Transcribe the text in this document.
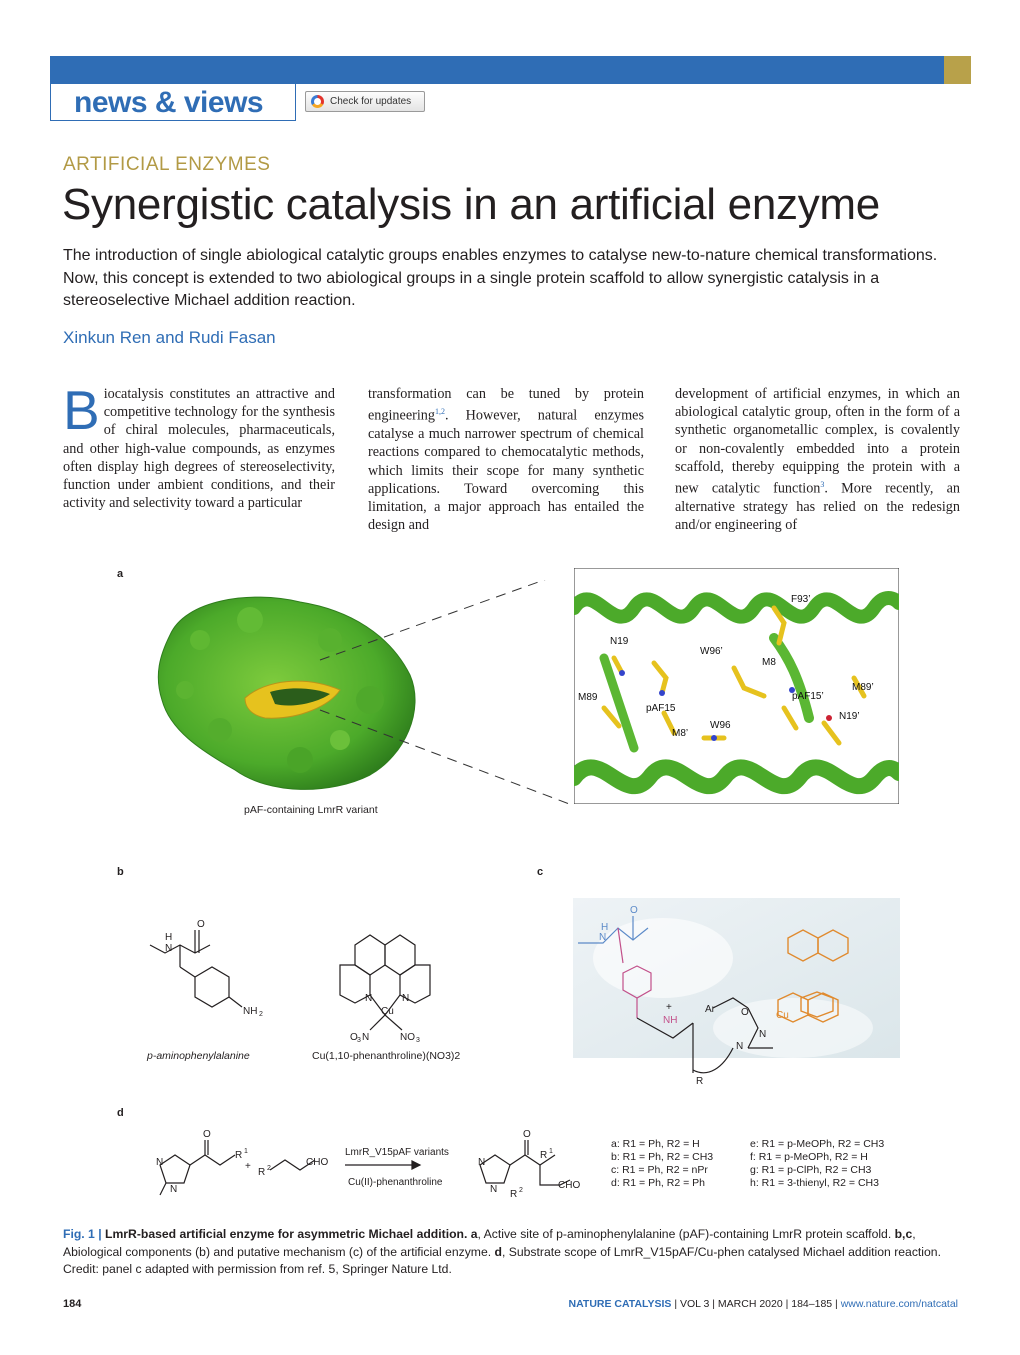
news & views	Check for updates
ARTIFICIAL ENZYMES
Synergistic catalysis in an artificial enzyme
The introduction of single abiological catalytic groups enables enzymes to catalyse new-to-nature chemical transformations. Now, this concept is extended to two abiological groups in a single protein scaffold to allow synergistic catalysis in a stereoselective Michael addition reaction.
Xinkun Ren and Rudi Fasan

Biocatalysis constitutes an attractive and competitive technology for the synthesis of chiral molecules, pharmaceuticals, and other high-value compounds, as enzymes often display high degrees of stereoselectivity, function under ambient conditions, and their activity and selectivity toward a particular

transformation can be tuned by protein engineering$^{1,2}$. However, natural enzymes catalyse a much narrower spectrum of chemical reactions compared to chemocatalytic methods, which limits their scope for many synthetic applications. Toward overcoming this limitation, a major approach has entailed the design and

development of artificial enzymes, in which an abiological catalytic group, often in the form of a synthetic organometallic complex, is covalently or non-covalently embedded into a protein scaffold, thereby equipping the protein with a new catalytic function$^3$. More recently, an alternative strategy has relied on the redesign and/or engineering of

a
b	c
d
pAF-containing LmrR variant
F93’
N19
W96’
M8
M89’
M89	pAF15’
pAF15
N19’
W96
M8’
O
H
N
NH 2
N	N
Cu
O 3 N	NO 3
p-aminophenylalanine	Cu(1,10-phenanthroline)(NO3)2
H
N
O
NH
+	Ar	O	Cu
N
N
R
O
R 1
N
N
+
R 2
CHO
LmrR_V15pAF variants
Cu(II)-phenanthroline
O
R 1
N
N R 2	CHO
a: R1 = Ph, R2 = H
b: R1 = Ph, R2 = CH3
c: R1 = Ph, R2 = nPr
d: R1 = Ph, R2 = Ph
e: R1 = p-MeOPh, R2 = CH3
f: R1 = p-MeOPh, R2 = H
g: R1 = p-ClPh, R2 = CH3
h: R1 = 3-thienyl, R2 = CH3
Fig. 1 | LmrR-based artificial enzyme for asymmetric Michael addition. a, Active site of p-aminophenylalanine (pAF)-containing LmrR protein scaffold. b,c, Abiological components (b) and putative mechanism (c) of the artificial enzyme. d, Substrate scope of LmrR_V15pAF/Cu-phen catalysed Michael addition reaction. Credit: panel c adapted with permission from ref. 5, Springer Nature Ltd.
184	NATURE CATALYSIS | VOL 3 | MARCH 2020 | 184–185 | www.nature.com/natcatal
